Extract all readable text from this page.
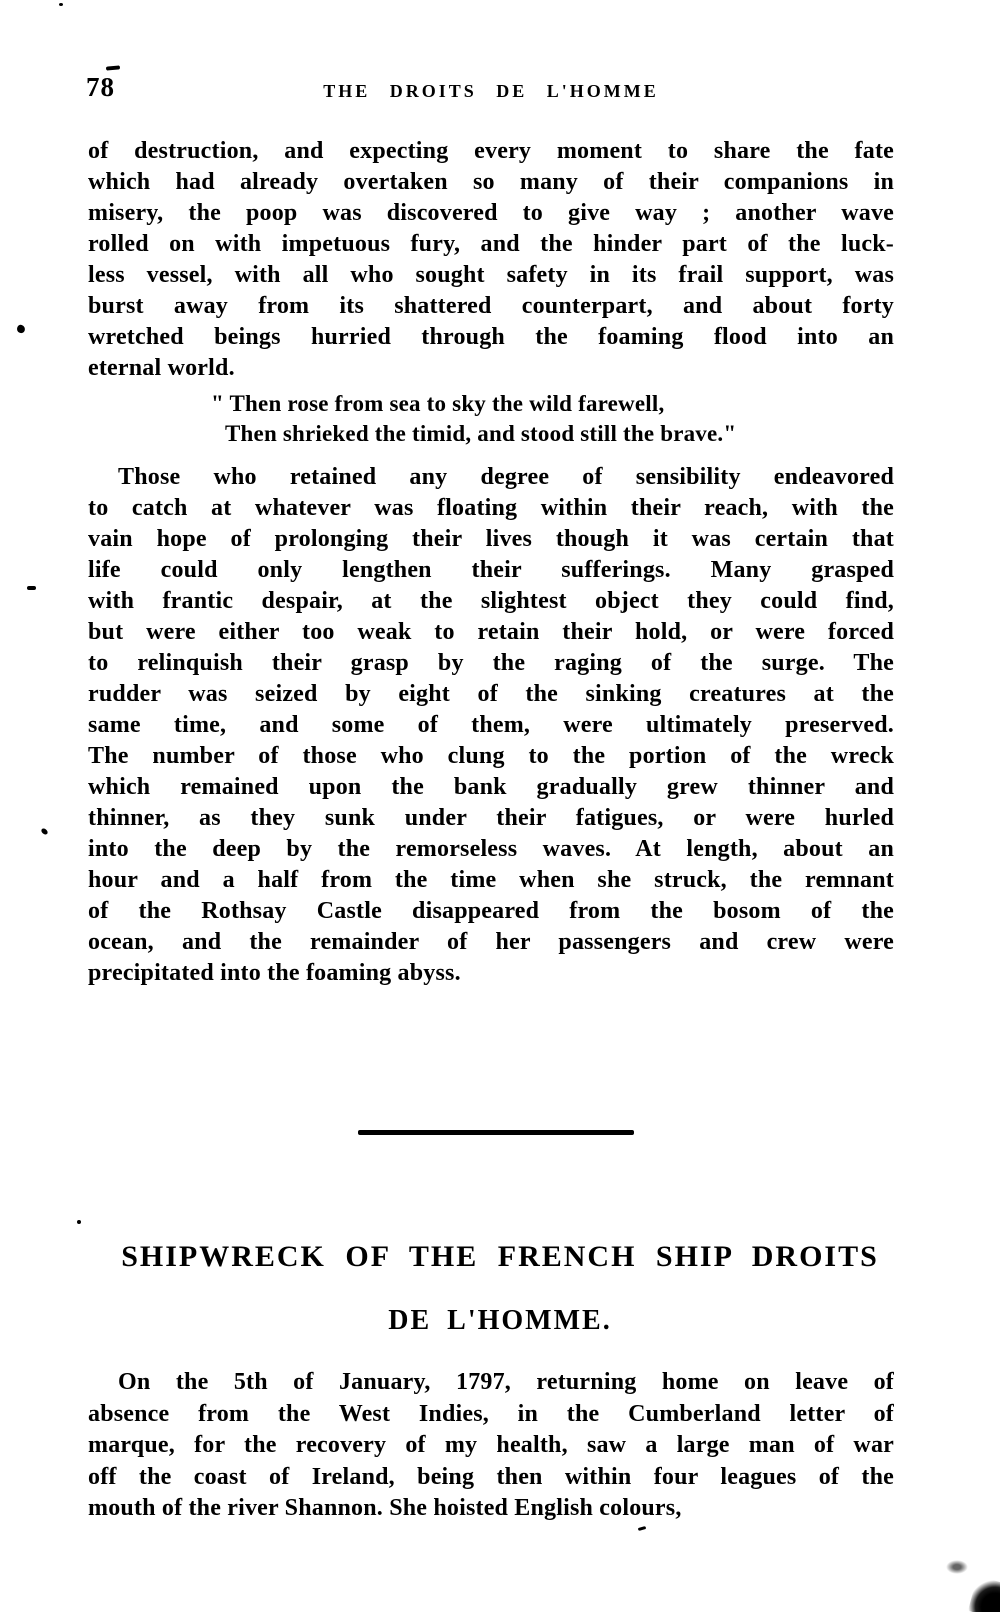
78	THE DROITS DE L'HOMME
of destruction, and expecting every moment to share the fate
which had already overtaken so many of their companions in
misery, the poop was discovered to give way ; another wave
rolled on with impetuous fury, and the hinder part of the luck-
less vessel, with all who sought safety in its frail support, was
burst away from its shattered counterpart, and about forty
wretched beings hurried through the foaming flood into an
eternal world.
" Then rose from sea to sky the wild farewell,
Then shrieked the timid, and stood still the brave."
Those who retained any degree of sensibility endeavored
to catch at whatever was floating within their reach, with the
vain hope of prolonging their lives though it was certain that
life could only lengthen their sufferings. Many grasped
with frantic despair, at the slightest object they could find,
but were either too weak to retain their hold, or were forced
to relinquish their grasp by the raging of the surge. The
rudder was seized by eight of the sinking creatures at the
same time, and some of them, were ultimately preserved.
The number of those who clung to the portion of the wreck
which remained upon the bank gradually grew thinner and
thinner, as they sunk under their fatigues, or were hurled
into the deep by the remorseless waves. At length, about an
hour and a half from the time when she struck, the remnant
of the Rothsay Castle disappeared from the bosom of the
ocean, and the remainder of her passengers and crew were
precipitated into the foaming abyss.
SHIPWRECK OF THE FRENCH SHIP DROITS
DE L'HOMME.
On the 5th of January, 1797, returning home on leave of
absence from the West Indies, in the Cumberland letter of
marque, for the recovery of my health, saw a large man of war
off the coast of Ireland, being then within four leagues of the
mouth of the river Shannon. She hoisted English colours,
